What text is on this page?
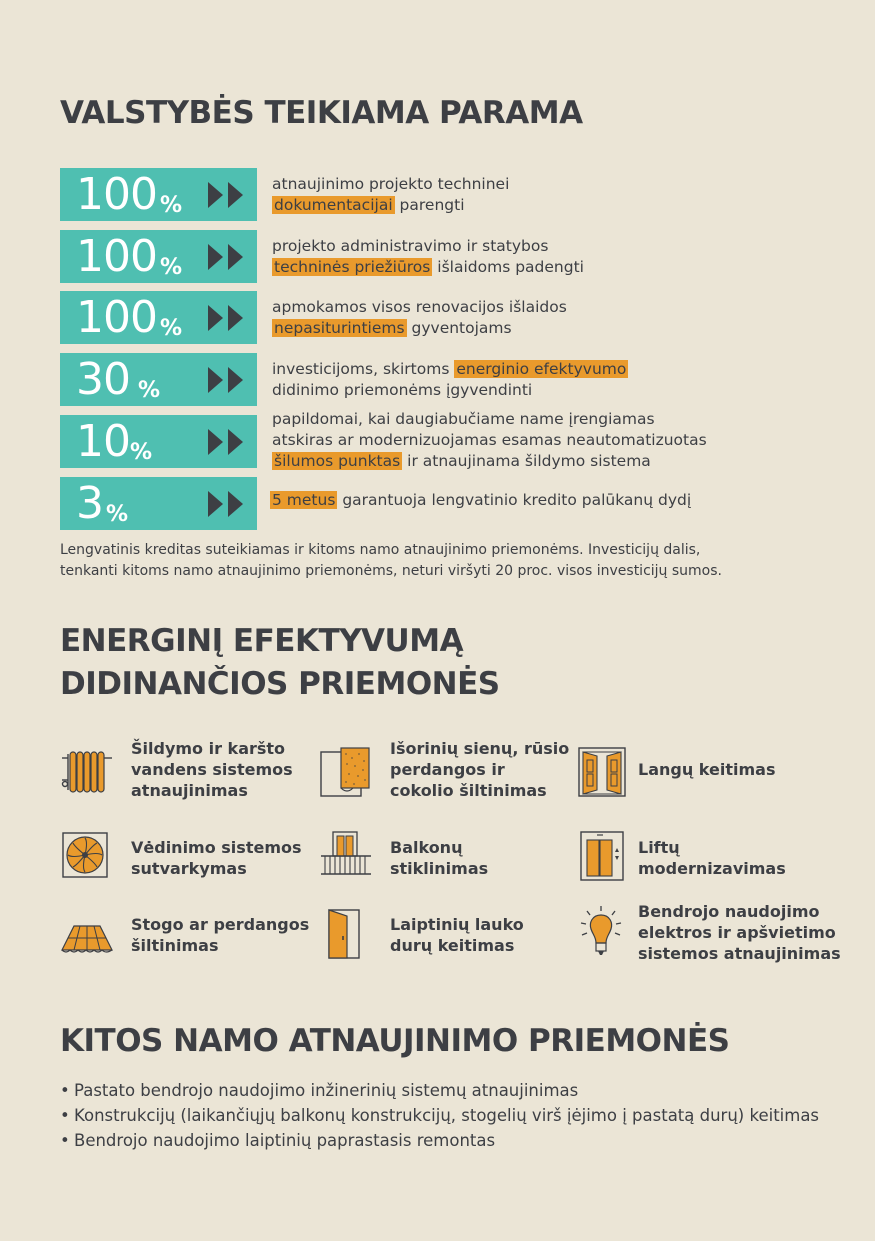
VALSTYBĖS TEIKIAMA PARAMA
100 %
atnaujinimo projekto techninei
dokumentacijai parengti
100 %
projekto administravimo ir statybos
techninės priežiūros išlaidoms padengti
100 %
apmokamos visos renovacijos išlaidos
nepasiturintiems gyventojams
30 %
investicijoms, skirtoms energinio efektyvumo
didinimo priemonėms įgyvendinti
10 %
papildomai, kai daugiabučiame name įrengiamas
atskiras ar modernizuojamas esamas neautomatizuotas
šilumos punktas ir atnaujinama šildymo sistema
3 %
5 metus garantuoja lengvatinio kredito palūkanų dydį
Lengvatinis kreditas suteikiamas ir kitoms namo atnaujinimo priemonėms. Investicijų dalis,
tenkanti kitoms namo atnaujinimo priemonėms, neturi viršyti 20 proc. visos investicijų sumos.
ENERGINĮ EFEKTYVUMĄ
DIDINANČIOS PRIEMONĖS
Šildymo ir karšto
vandens sistemos
atnaujinimas
Išorinių sienų, rūsio
perdangos ir
cokolio šiltinimas
Langų keitimas
Vėdinimo sistemos
sutvarkymas
Balkonų
stiklinimas
Liftų
modernizavimas
Stogo ar perdangos
šiltinimas
Laiptinių lauko
durų keitimas
Bendrojo naudojimo
elektros ir apšvietimo
sistemos atnaujinimas
KITOS NAMO ATNAUJINIMO PRIEMONĖS
• Pastato bendrojo naudojimo inžinerinių sistemų atnaujinimas
• Konstrukcijų (laikančiųjų balkonų konstrukcijų, stogelių virš įėjimo į pastatą durų) keitimas
• Bendrojo naudojimo laiptinių paprastasis remontas
